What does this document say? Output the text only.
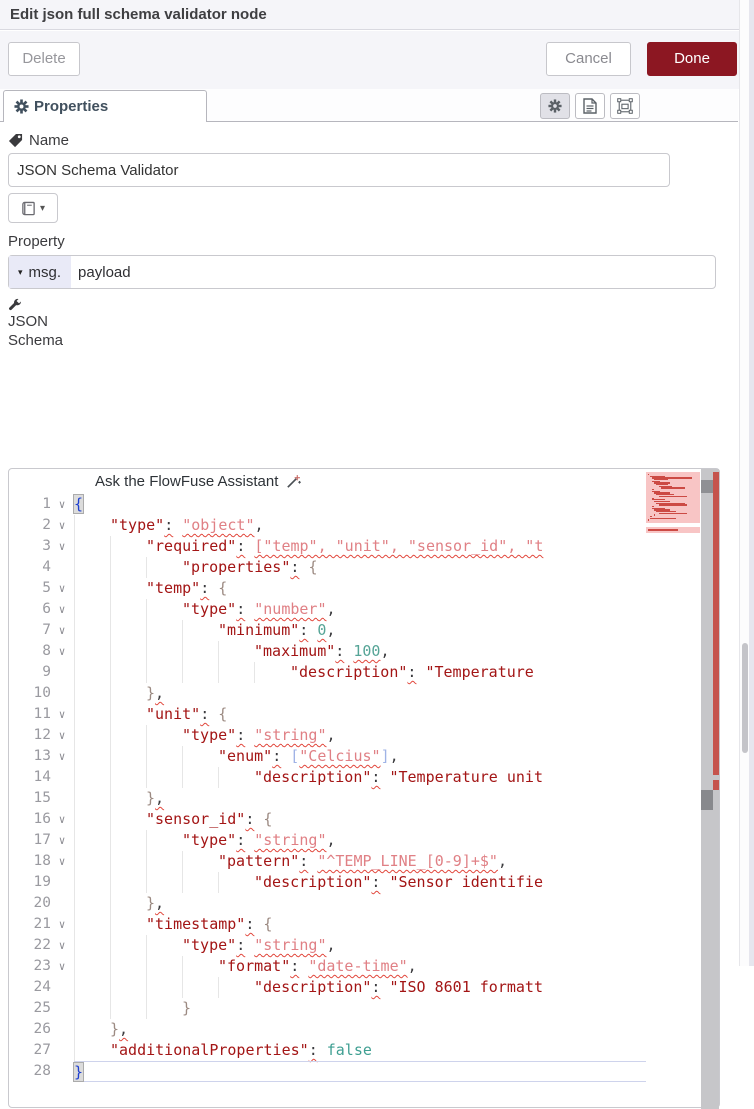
Edit json full schema validator node
Delete	Cancel	Done
Properties
Name
JSON Schema Validator
▾
Property
▾ msg.	payload
JSON Schema
Ask the FlowFuse Assistant
1 ∨ {
2 ∨	"type": "object",
3 ∨	"required": ["temp", "unit", "sensor_id", "t
4	"properties": {
5 ∨	"temp": {
6 ∨	"type": "number",
7 ∨	"minimum": 0,
8 ∨	"maximum": 100,
9	"description": "Temperature
10	},
11 ∨	"unit": {
12 ∨	"type": "string",
13 ∨	"enum": ["Celcius"],
14	"description": "Temperature unit
15	},
16 ∨	"sensor_id": {
17 ∨	"type": "string",
18 ∨	"pattern": "^TEMP_LINE_[0-9]+$",
19	"description": "Sensor identifie
20	},
21 ∨	"timestamp": {
22 ∨	"type": "string",
23 ∨	"format": "date-time",
24	"description": "ISO 8601 formatt
25	}
26	},
27	"additionalProperties": false
28 }
